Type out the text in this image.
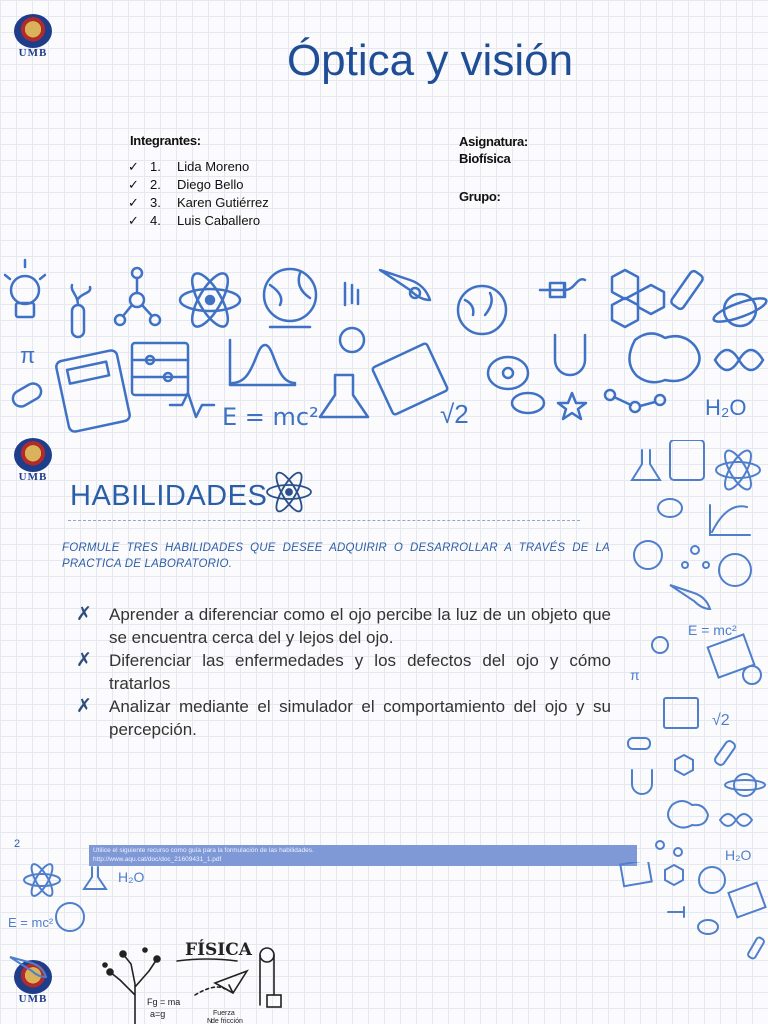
UMB
UMB
UMB
Óptica y visión
Integrantes:
✓ 1.	Lida Moreno
✓ 2.	Diego Bello
✓ 3.	Karen Gutiérrez
✓ 4.	Luis Caballero
Asignatura:
Biofísica
Grupo:
π
E = mc²	√2	H₂O
E = mc²
π
√2
H₂O
HABILIDADES
FORMULE TRES HABILIDADES QUE DESEE ADQUIRIR O DESARROLLAR A TRAVÉS DE LA PRACTICA DE LABORATORIO.
✗	Aprender a diferenciar como el ojo percibe la luz de un objeto que se encuentra cerca del y lejos del ojo.
✗	Diferenciar las enfermedades y los defectos del ojo y cómo tratarlos
✗	Analizar mediante el simulador el comportamiento del ojo y su percepción.
2
Utilice el siguiente recurso como guía para la formulación de las habilidades.
http://www.aqu.cat/doc/doc_21609431_1.pdf
H₂O
E = mc²
FÍSICA
Fg = ma
a=g	Fuerza
de fricción
N
